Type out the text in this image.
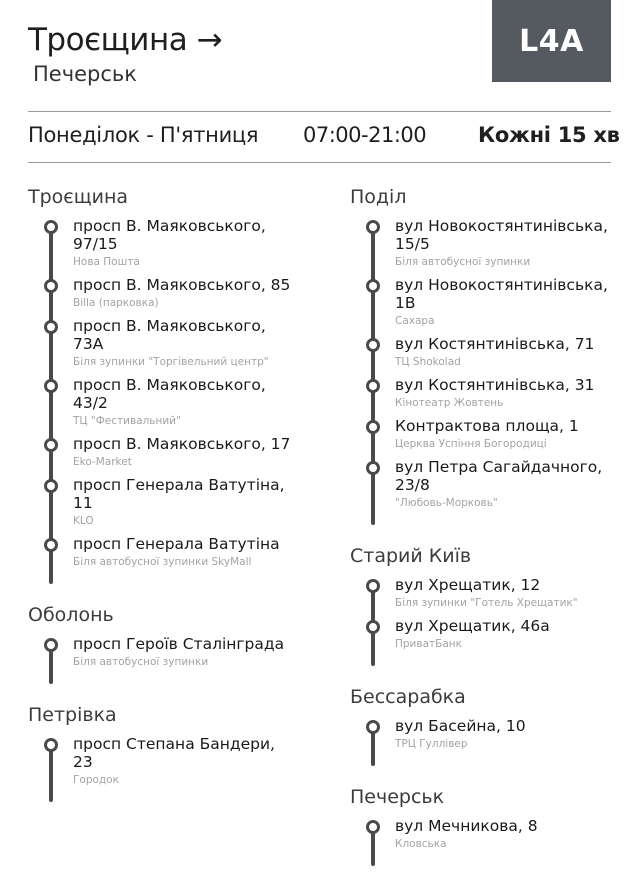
Троєщина →
Печерськ
L4A
Понеділок - П'ятниця 07:00-21:00 Кожні 15 хв
Троєщина
просп В. Маяковського, 97/15
Нова Пошта
просп В. Маяковського, 85
Billa (парковка)
просп В. Маяковського, 73А
Біля зупинки "Торгівельний центр"
просп В. Маяковського, 43/2
ТЦ "Фестивальний"
просп В. Маяковського, 17
Eko-Market
просп Генерала Ватутіна, 11
KLO
просп Генерала Ватутіна
Біля автобусної зупинки SkyMall
Оболонь
просп Героїв Сталінграда
Біля автобусної зупинки
Петрівка
просп Степана Бандери, 23
Городок
Поділ
вул Новокостянтинівська, 15/5
Біля автобусної зупинки
вул Новокостянтинівська, 1В
Сахара
вул Костянтинівська, 71
ТЦ Shokolad
вул Костянтинівська, 31
Кінотеатр Жовтень
Контрактова площа, 1
Церква Успіння Богородиці
вул Петра Сагайдачного, 23/8
"Любовь-Морковь"
Старий Київ
вул Хрещатик, 12
Біля зупинки "Готель Хрещатик"
вул Хрещатик, 46а
ПриватБанк
Бессарабка
вул Басейна, 10
ТРЦ Гуллівер
Печерськ
вул Мечникова, 8
Кловська
